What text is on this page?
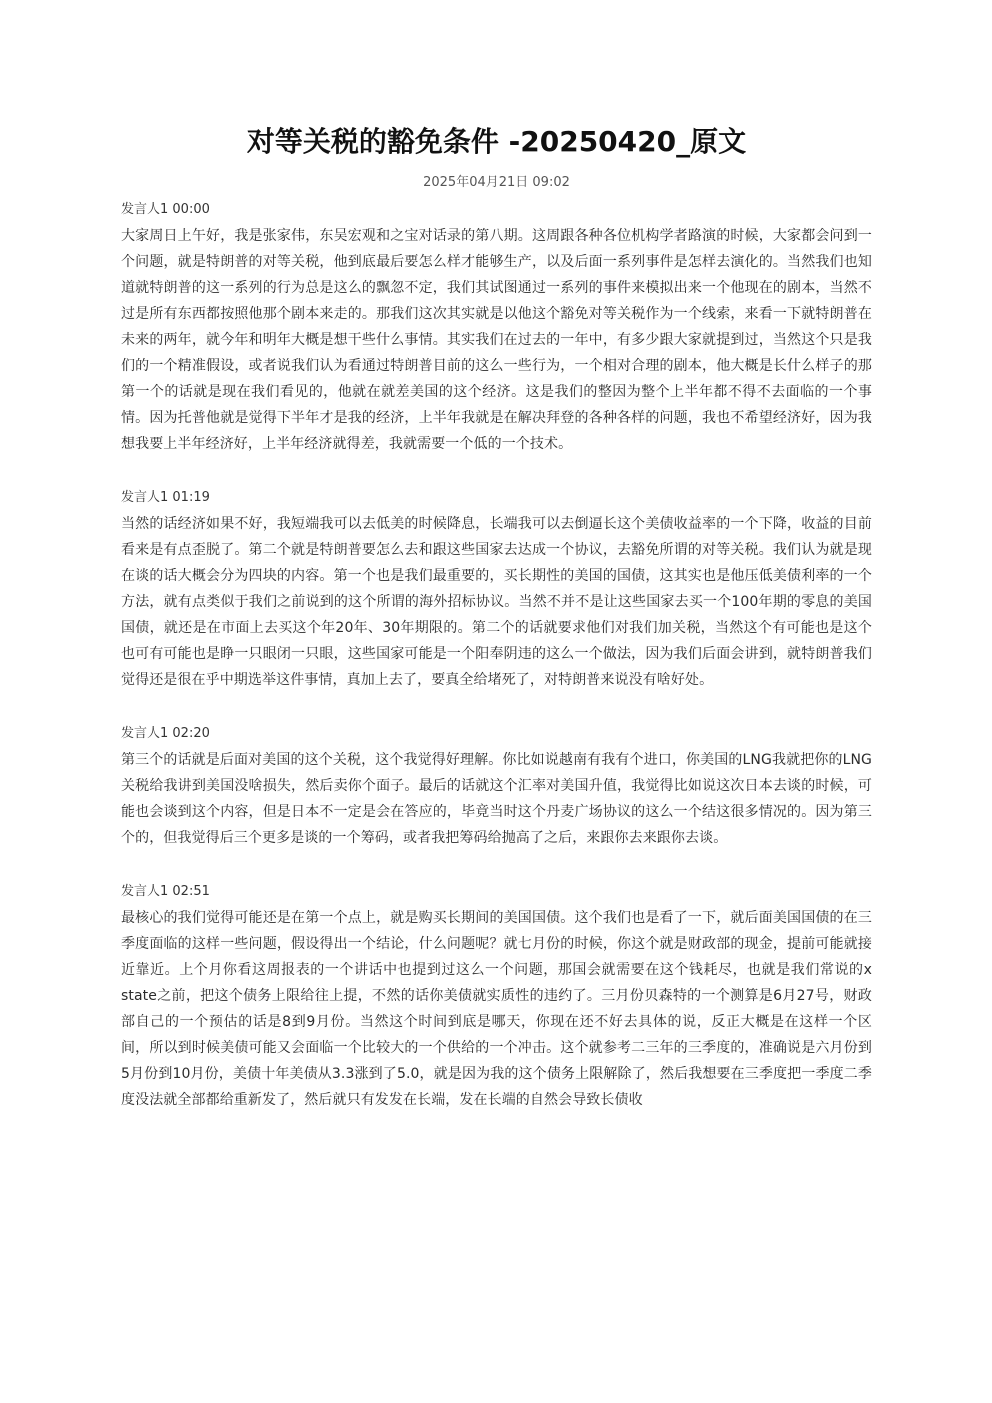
对等关税的豁免条件 -20250420_原文
2025年04月21日 09:02
发言人1 00:00

大家周日上午好，我是张家伟，东吴宏观和之宝对话录的第八期。这周跟各种各位机构学者路演的时候，大家都会问到一个问题，就是特朗普的对等关税，他到底最后要怎么样才能够生产，以及后面一系列事件是怎样去演化的。当然我们也知道就特朗普的这一系列的行为总是这么的飘忽不定，我们其试图通过一系列的事件来模拟出来一个他现在的剧本，当然不过是所有东西都按照他那个剧本来走的。那我们这次其实就是以他这个豁免对等关税作为一个线索，来看一下就特朗普在未来的两年，就今年和明年大概是想干些什么事情。其实我们在过去的一年中，有多少跟大家就提到过，当然这个只是我们的一个精准假设，或者说我们认为看通过特朗普目前的这么一些行为，一个相对合理的剧本，他大概是长什么样子的那第一个的话就是现在我们看见的，他就在就差美国的这个经济。这是我们的整因为整个上半年都不得不去面临的一个事情。因为托普他就是觉得下半年才是我的经济，上半年我就是在解决拜登的各种各样的问题，我也不希望经济好，因为我想我要上半年经济好，上半年经济就得差，我就需要一个低的一个技术。

发言人1 01:19

当然的话经济如果不好，我短端我可以去低美的时候降息，长端我可以去倒逼长这个美债收益率的一个下降，收益的目前看来是有点歪脱了。第二个就是特朗普要怎么去和跟这些国家去达成一个协议，去豁免所谓的对等关税。我们认为就是现在谈的话大概会分为四块的内容。第一个也是我们最重要的，买长期性的美国的国债，这其实也是他压低美债利率的一个方法，就有点类似于我们之前说到的这个所谓的海外招标协议。当然不并不是让这些国家去买一个100年期的零息的美国国债，就还是在市面上去买这个年20年、30年期限的。第二个的话就要求他们对我们加关税，当然这个有可能也是这个也可有可能也是睁一只眼闭一只眼，这些国家可能是一个阳奉阴违的这么一个做法，因为我们后面会讲到，就特朗普我们觉得还是很在乎中期选举这件事情，真加上去了，要真全给堵死了，对特朗普来说没有啥好处。

发言人1 02:20

第三个的话就是后面对美国的这个关税，这个我觉得好理解。你比如说越南有我有个进口，你美国的LNG我就把你的LNG关税给我讲到美国没啥损失，然后卖你个面子。最后的话就这个汇率对美国升值，我觉得比如说这次日本去谈的时候，可能也会谈到这个内容，但是日本不一定是会在答应的，毕竟当时这个丹麦广场协议的这么一个结这很多情况的。因为第三个的，但我觉得后三个更多是谈的一个筹码，或者我把筹码给抛高了之后，来跟你去来跟你去谈。

发言人1 02:51

最核心的我们觉得可能还是在第一个点上，就是购买长期间的美国国债。这个我们也是看了一下，就后面美国国债的在三季度面临的这样一些问题，假设得出一个结论，什么问题呢？就七月份的时候，你这个就是财政部的现金，提前可能就接近靠近。上个月你看这周报表的一个讲话中也提到过这么一个问题，那国会就需要在这个钱耗尽，也就是我们常说的x state之前，把这个债务上限给往上提，不然的话你美债就实质性的违约了。三月份贝森特的一个测算是6月27号，财政部自己的一个预估的话是8到9月份。当然这个时间到底是哪天，你现在还不好去具体的说，反正大概是在这样一个区间，所以到时候美债可能又会面临一个比较大的一个供给的一个冲击。这个就参考二三年的三季度的，准确说是六月份到5月份到10月份，美债十年美债从3.3涨到了5.0，就是因为我的这个债务上限解除了，然后我想要在三季度把一季度二季度没法就全部都给重新发了，然后就只有发发在长端，发在长端的自然会导致长债收
